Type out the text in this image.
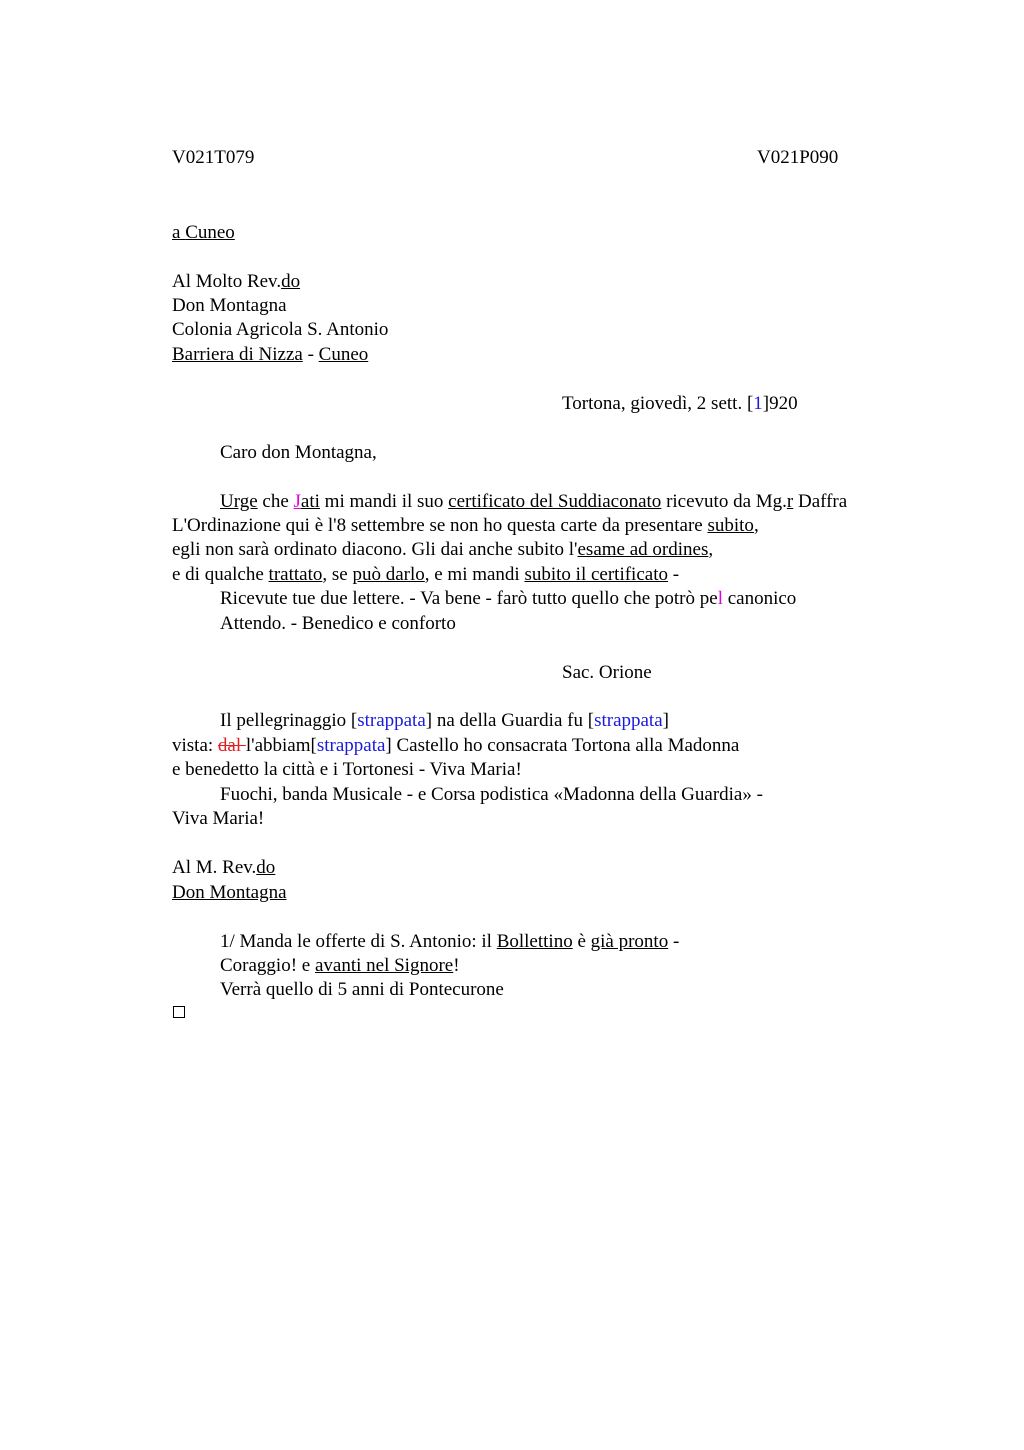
V021T079	V021P090
a Cuneo
Al Molto Rev.do
Don Montagna
Colonia Agricola S. Antonio
Barriera di Nizza - Cuneo
Tortona, giovedì, 2 sett. [1]920
Caro don Montagna,
Urge che Jati mi mandi il suo certificato del Suddiaconato ricevuto da Mg.r Daffra
L'Ordinazione qui è l'8 settembre se non ho questa carte da presentare subito,
egli non sarà ordinato diacono. Gli dai anche subito l'esame ad ordines,
e di qualche trattato, se può darlo, e mi mandi subito il certificato -
Ricevute tue due lettere. - Va bene - farò tutto quello che potrò pel canonico
Attendo. - Benedico e conforto
Sac. Orione
Il pellegrinaggio [strappata] na della Guardia fu [strappata]
vista: dal l'abbiam[strappata] Castello ho consacrata Tortona alla Madonna
e benedetto la città e i Tortonesi - Viva Maria!
Fuochi, banda Musicale - e Corsa podistica «Madonna della Guardia» -
Viva Maria!
Al M. Rev.do
Don Montagna
1/ Manda le offerte di S. Antonio: il Bollettino è già pronto -
Coraggio! e avanti nel Signore!
Verrà quello di 5 anni di Pontecurone
